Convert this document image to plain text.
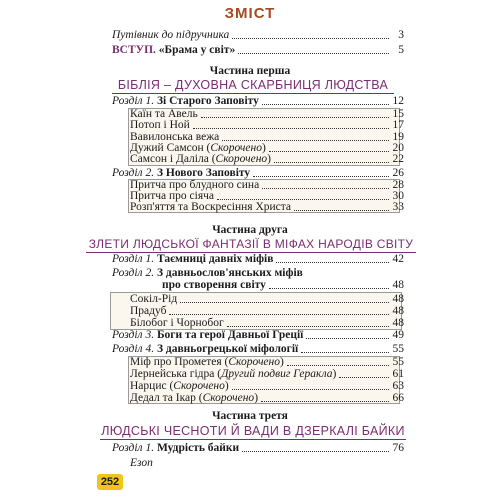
ЗМІСТ
Путівник до підручника	3
ВСТУП. «Брама у світ»	5
Частина перша
БІБЛІЯ – ДУХОВНА СКАРБНИЦЯ ЛЮДСТВА
Розділ 1. Зі Старого Заповіту	12
Каїн та Авель	15
Потоп і Ной	17
Вавилонська вежа	19
Дужий Самсон (Скорочено)	20
Самсон і Даліла (Скорочено)	22
Розділ 2. З Нового Заповіту	26
Притча про блудного сина	28
Притча про сіяча	30
Розп'яття та Воскресіння Христа	33
Частина друга
ЗЛЕТИ ЛЮДСЬКОЇ ФАНТАЗІЇ В МІФАХ НАРОДІВ СВІТУ
Розділ 1. Таємниці давніх міфів	42
Розділ 2. З давньослов'янських міфів
про створення світу	48
Сокіл-Рід	48
Прадуб	48
Білобог і Чорнобог	48
Розділ 3. Боги та герої Давньої Греції	49
Розділ 4. З давньогрецької міфології	55
Міф про Прометея (Скорочено)	55
Лернейська гідра (Другий подвиг Геракла)	61
Нарцис (Скорочено)	63
Дедал та Ікар (Скорочено)	66
Частина третя
ЛЮДСЬКІ ЧЕСНОТИ Й ВАДИ В ДЗЕРКАЛІ БАЙКИ
Розділ 1. Мудрість байки	76
Езоп
252
